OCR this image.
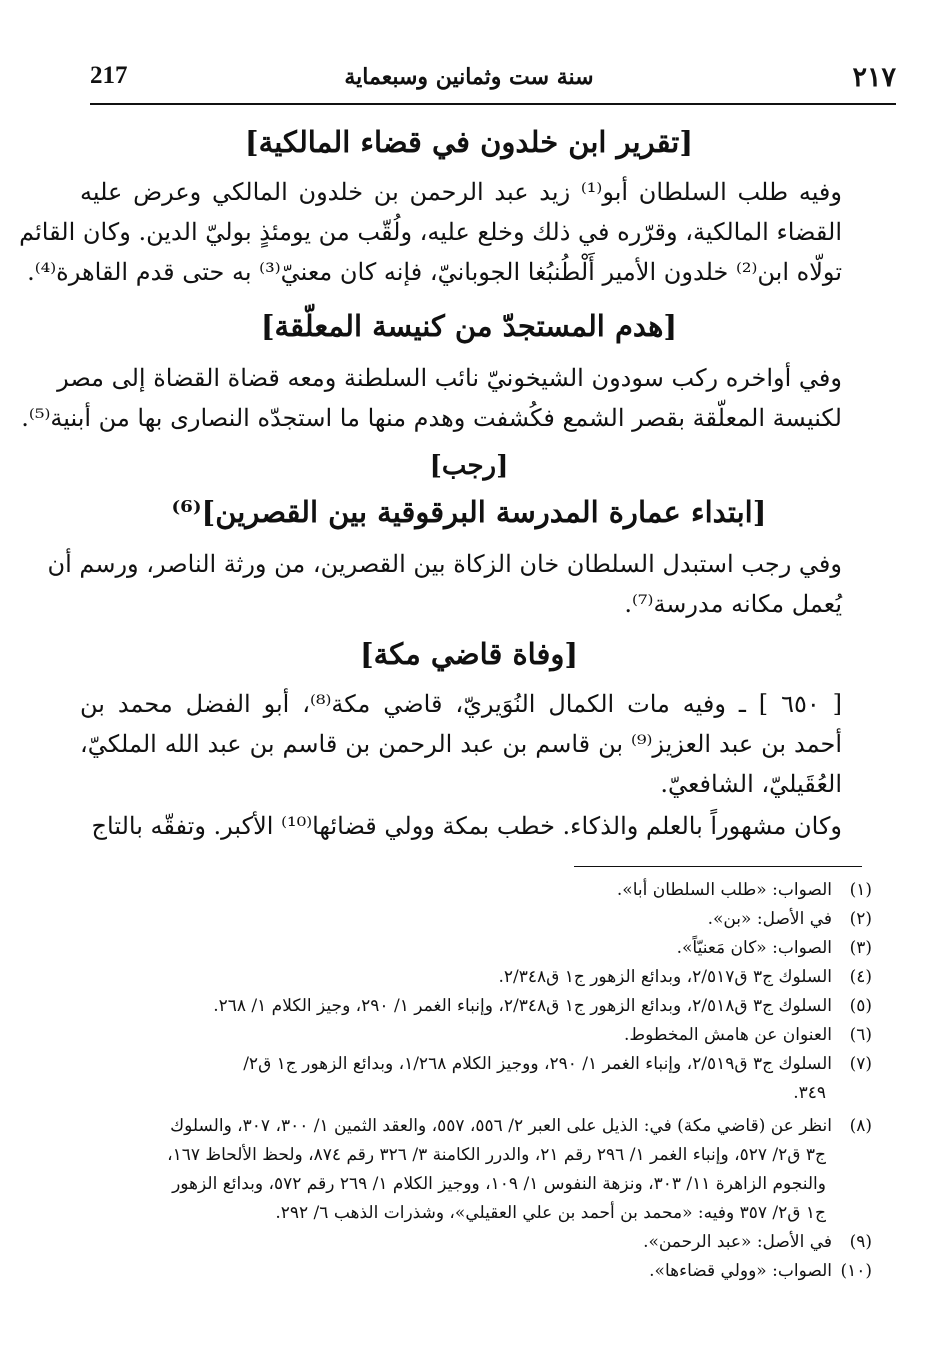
٢١٧
سنة ست وثمانين وسبعماية
217
[تقرير ابن خلدون في قضاء المالكية]
وفيه طلب السلطان أبو⁽¹⁾ زيد عبد الرحمن بن خلدون المالكي وعرض عليه
القضاء المالكية، وقرّره في ذلك وخلع عليه، ولُقّب من يومئذٍ بوليّ الدين. وكان القائم
تولّاه ابن⁽²⁾ خلدون الأمير أَلْطُنبُغا الجوبانيّ، فإنه كان معنيّ⁽³⁾ به حتى قدم القاهرة⁽⁴⁾.
[هدم المستجدّ من كنيسة المعلّقة]
وفي أواخره ركب سودون الشيخونيّ نائب السلطنة ومعه قضاة القضاة إلى مصر
لكنيسة المعلّقة بقصر الشمع فكُشفت وهدم منها ما استجدّه النصارى بها من أبنية⁽⁵⁾.
[رجب]
[ابتداء عمارة المدرسة البرقوقية بين القصرين]⁽⁶⁾
وفي رجب استبدل السلطان خان الزكاة بين القصرين، من ورثة الناصر، ورسم أن
يُعمل مكانه مدرسة⁽⁷⁾.
[وفاة قاضي مكة]
[ ٦٥٠ ] ـ وفيه مات الكمال النُوَيريّ، قاضي مكة⁽⁸⁾، أبو الفضل محمد بن
أحمد بن عبد العزيز⁽⁹⁾ بن قاسم بن عبد الرحمن بن قاسم بن عبد الله الملكيّ،
العُقَيليّ، الشافعيّ.
وكان مشهوراً بالعلم والذكاء. خطب بمكة وولي قضائها⁽¹⁰⁾ الأكبر. وتفقّه بالتاج
(١)الصواب: «طلب السلطان أبا».
(٢)في الأصل: «بن».
(٣)الصواب: «كان مَعنيّاً».
(٤)السلوك ج٣ ق٢/٥١٧، وبدائع الزهور ج١ ق٢/٣٤٨.
(٥)السلوك ج٣ ق٢/٥١٨، وبدائع الزهور ج١ ق٢/٣٤٨، وإنباء الغمر ١/ ٢٩٠، وجيز الكلام ١/ ٢٦٨.
(٦)العنوان عن هامش المخطوط.
(٧)السلوك ج٣ ق٢/٥١٩، وإنباء الغمر ١/ ٢٩٠، ووجيز الكلام ١/٢٦٨، وبدائع الزهور ج١ ق٢/
٣٤٩.
(٨)انظر عن (قاضي مكة) في: الذيل على العبر ٢/ ٥٥٦، ٥٥٧، والعقد الثمين ١/ ٣٠٠، ٣٠٧، والسلوك
ج٣ ق٢/ ٥٢٧، وإنباء الغمر ١/ ٢٩٦ رقم ٢١، والدرر الكامنة ٣/ ٣٢٦ رقم ٨٧٤، ولحظ الألحاظ ١٦٧،
والنجوم الزاهرة ١١/ ٣٠٣، ونزهة النفوس ١/ ١٠٩، ووجيز الكلام ١/ ٢٦٩ رقم ٥٧٢، وبدائع الزهور
ج١ ق٢/ ٣٥٧ وفيه: «محمد بن أحمد بن علي العقيلي»، وشذرات الذهب ٦/ ٢٩٢.
(٩)في الأصل: «عبد الرحمن».
(١٠)الصواب: «وولي قضاءها».
